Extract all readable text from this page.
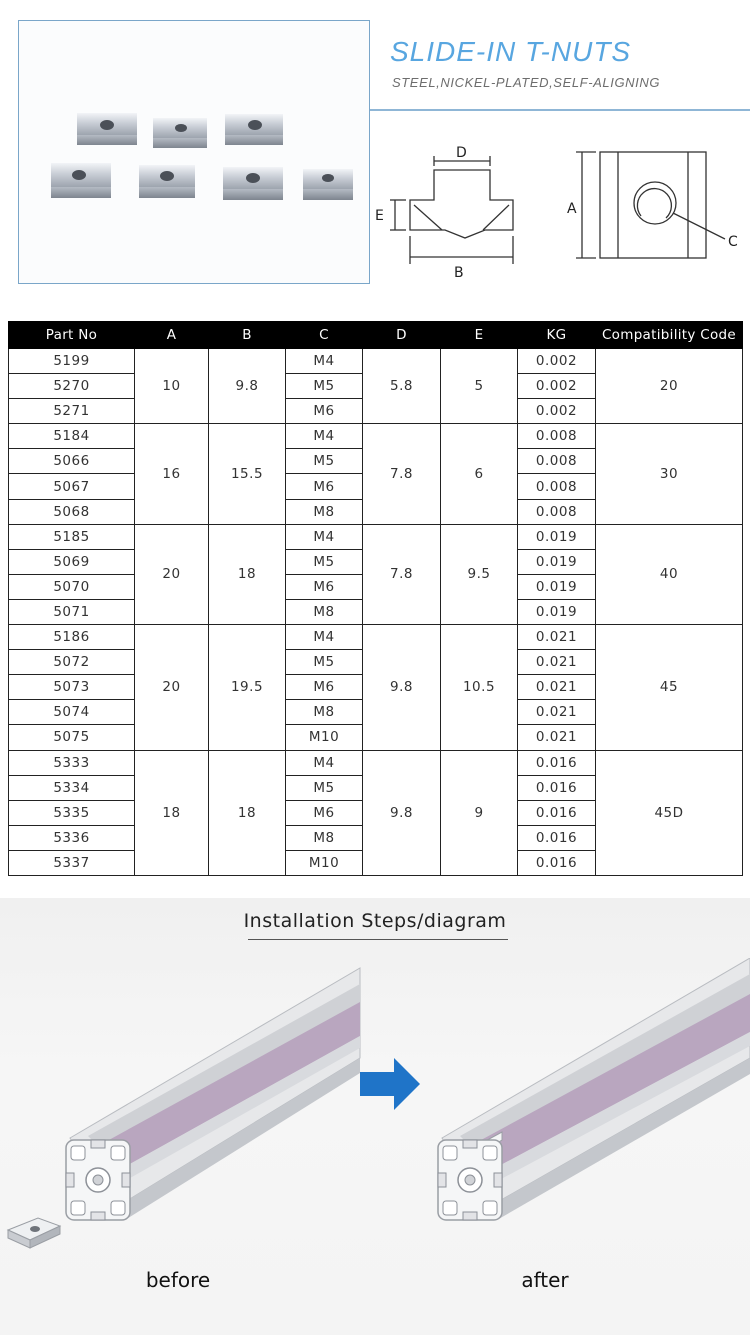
SLIDE-IN T-NUTS
STEEL,NICKEL-PLATED,SELF-ALIGNING
D
E
B
A
C
Part No	A	B	C	D	E	KG	Compatibility Code
5199	10	9.8	M4	5.8	5	0.002	20
5270			M5			0.002	
5271			M6			0.002	
5184	16	15.5	M4	7.8	6	0.008	30
5066			M5			0.008	
5067			M6			0.008	
5068			M8			0.008	
5185	20	18	M4	7.8	9.5	0.019	40
5069			M5			0.019	
5070			M6			0.019	
5071			M8			0.019	
5186	20	19.5	M4	9.8	10.5	0.021	45
5072			M5			0.021	
5073			M6			0.021	
5074			M8			0.021	
5075			M10			0.021	
5333	18	18	M4	9.8	9	0.016	45D
5334			M5			0.016	
5335			M6			0.016	
5336			M8			0.016	
5337			M10			0.016	
Installation Steps/diagram
before	after
